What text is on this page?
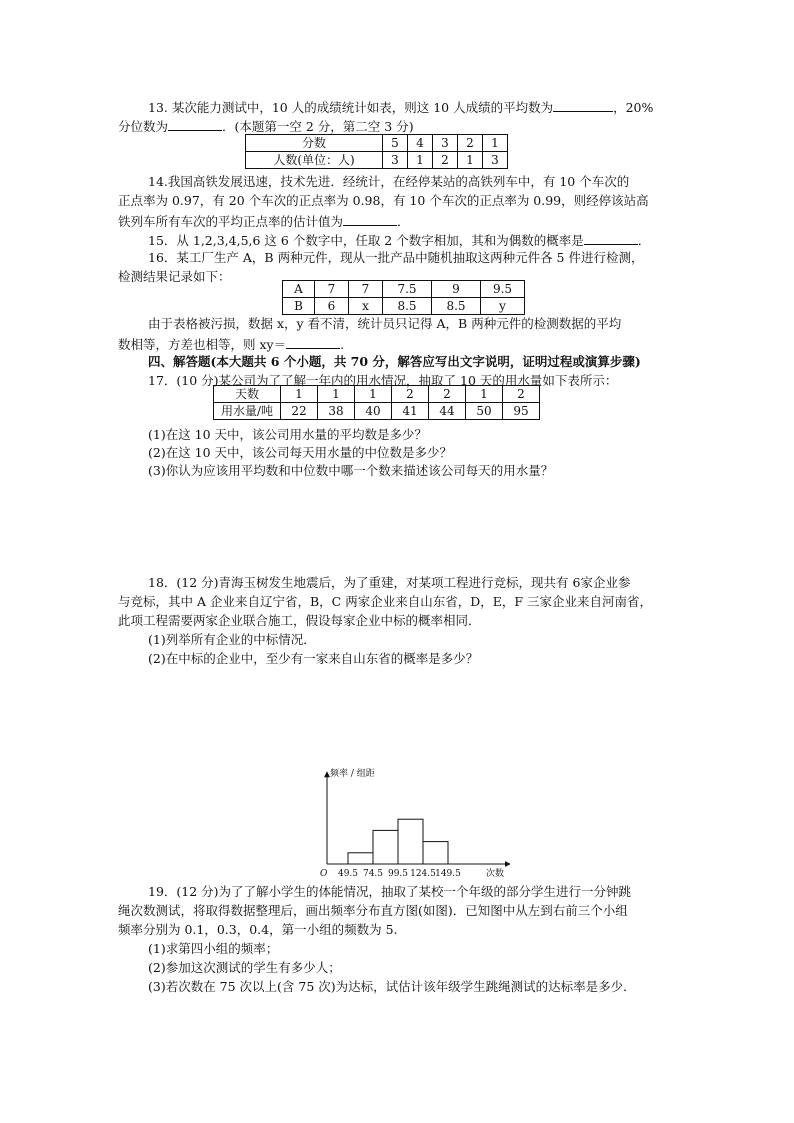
13. 某次能力测试中，10 人的成绩统计如表，则这 10 人成绩的平均数为	，20%
分位数为	．(本题第一空 2 分，第二空 3 分)
分数	5	4	3	2	1
人数(单位：人)	3	1	2	1	3
14.我国高铁发展迅速，技术先进．经统计，在经停某站的高铁列车中，有 10 个车次的
正点率为 0.97，有 20 个车次的正点率为 0.98，有 10 个车次的正点率为 0.99，则经停该站高
铁列车所有车次的平均正点率的估计值为	．
15．从 1,2,3,4,5,6 这 6 个数字中，任取 2 个数字相加，其和为偶数的概率是	．
16．某工厂生产 A，B 两种元件，现从一批产品中随机抽取这两种元件各 5 件进行检测，
检测结果记录如下：
A	7	7	7.5	9	9.5
B	6	x	8.5	8.5	y
由于表格被污损，数据 x，y 看不清，统计员只记得 A，B 两种元件的检测数据的平均
数相等，方差也相等，则 xy＝	.
四、解答题(本大题共 6 个小题，共 70 分，解答应写出文字说明，证明过程或演算步骤)
17．(10 分)某公司为了了解一年内的用水情况，抽取了 10 天的用水量如下表所示：
天数	1	1	1	2	2	1	2
用水量/吨	22	38	40	41	44	50	95
(1)在这 10 天中，该公司用水量的平均数是多少？
(2)在这 10 天中，该公司每天用水量的中位数是多少？
(3)你认为应该用平均数和中位数中哪一个数来描述该公司每天的用水量？
18．(12 分)青海玉树发生地震后，为了重建，对某项工程进行竞标，现共有 6家企业参
与竞标，其中 A 企业来自辽宁省，B，C 两家企业来自山东省，D，E，F 三家企业来自河南省，
此项工程需要两家企业联合施工，假设每家企业中标的概率相同．
(1)列举所有企业的中标情况．
(2)在中标的企业中，至少有一家来自山东省的概率是多少？
频率 / 组距
次数
O 49.5 74.5 99.5 124.5 149.5
19．(12 分)为了了解小学生的体能情况，抽取了某校一个年级的部分学生进行一分钟跳
绳次数测试，将取得数据整理后，画出频率分布直方图(如图)．已知图中从左到右前三个小组
频率分别为 0.1，0.3，0.4，第一小组的频数为 5.
(1)求第四小组的频率；
(2)参加这次测试的学生有多少人；
(3)若次数在 75 次以上(含 75 次)为达标，试估计该年级学生跳绳测试的达标率是多少．
